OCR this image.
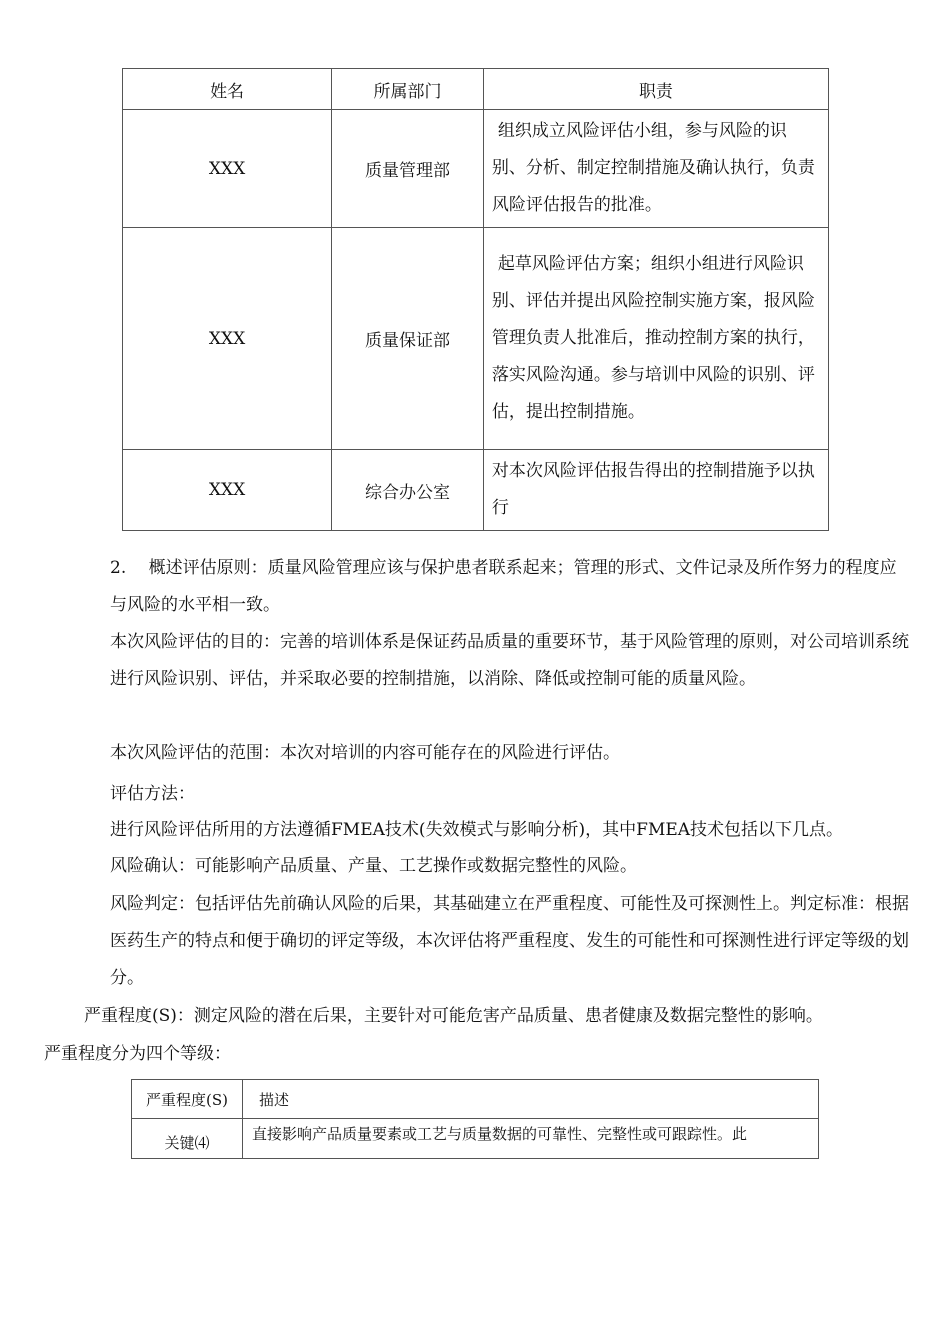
姓名	所属部门	职责
XXX	质量管理部	组织成立风险评估小组，参与风险的识别、分析、制定控制措施及确认执行，负责风险评估报告的批准。
XXX	质量保证部	起草风险评估方案；组织小组进行风险识别、评估并提出风险控制实施方案，报风险管理负责人批准后，推动控制方案的执行，落实风险沟通。参与培训中风险的识别、评估，提出控制措施。
XXX	综合办公室	对本次风险评估报告得出的控制措施予以执行

2.　 概述评估原则：质量风险管理应该与保护患者联系起来；管理的形式、文件记录及所作努力的程度应与风险的水平相一致。

本次风险评估的目的：完善的培训体系是保证药品质量的重要环节，基于风险管理的原则，对公司培训系统进行风险识别、评估，并采取必要的控制措施，以消除、降低或控制可能的质量风险。

本次风险评估的范围：本次对培训的内容可能存在的风险进行评估。

评估方法：

进行风险评估所用的方法遵循FMEA技术(失效模式与影响分析)，其中FMEA技术包括以下几点。

风险确认：可能影响产品质量、产量、工艺操作或数据完整性的风险。

风险判定：包括评估先前确认风险的后果，其基础建立在严重程度、可能性及可探测性上。判定标准：根据医药生产的特点和便于确切的评定等级，本次评估将严重程度、发生的可能性和可探测性进行评定等级的划分。

严重程度(S)：测定风险的潜在后果，主要针对可能危害产品质量、患者健康及数据完整性的影响。

严重程度分为四个等级：

严重程度(S)	描述

关键⑷	直接影响产品质量要素或工艺与质量数据的可靠性、完整性或可跟踪性。此
